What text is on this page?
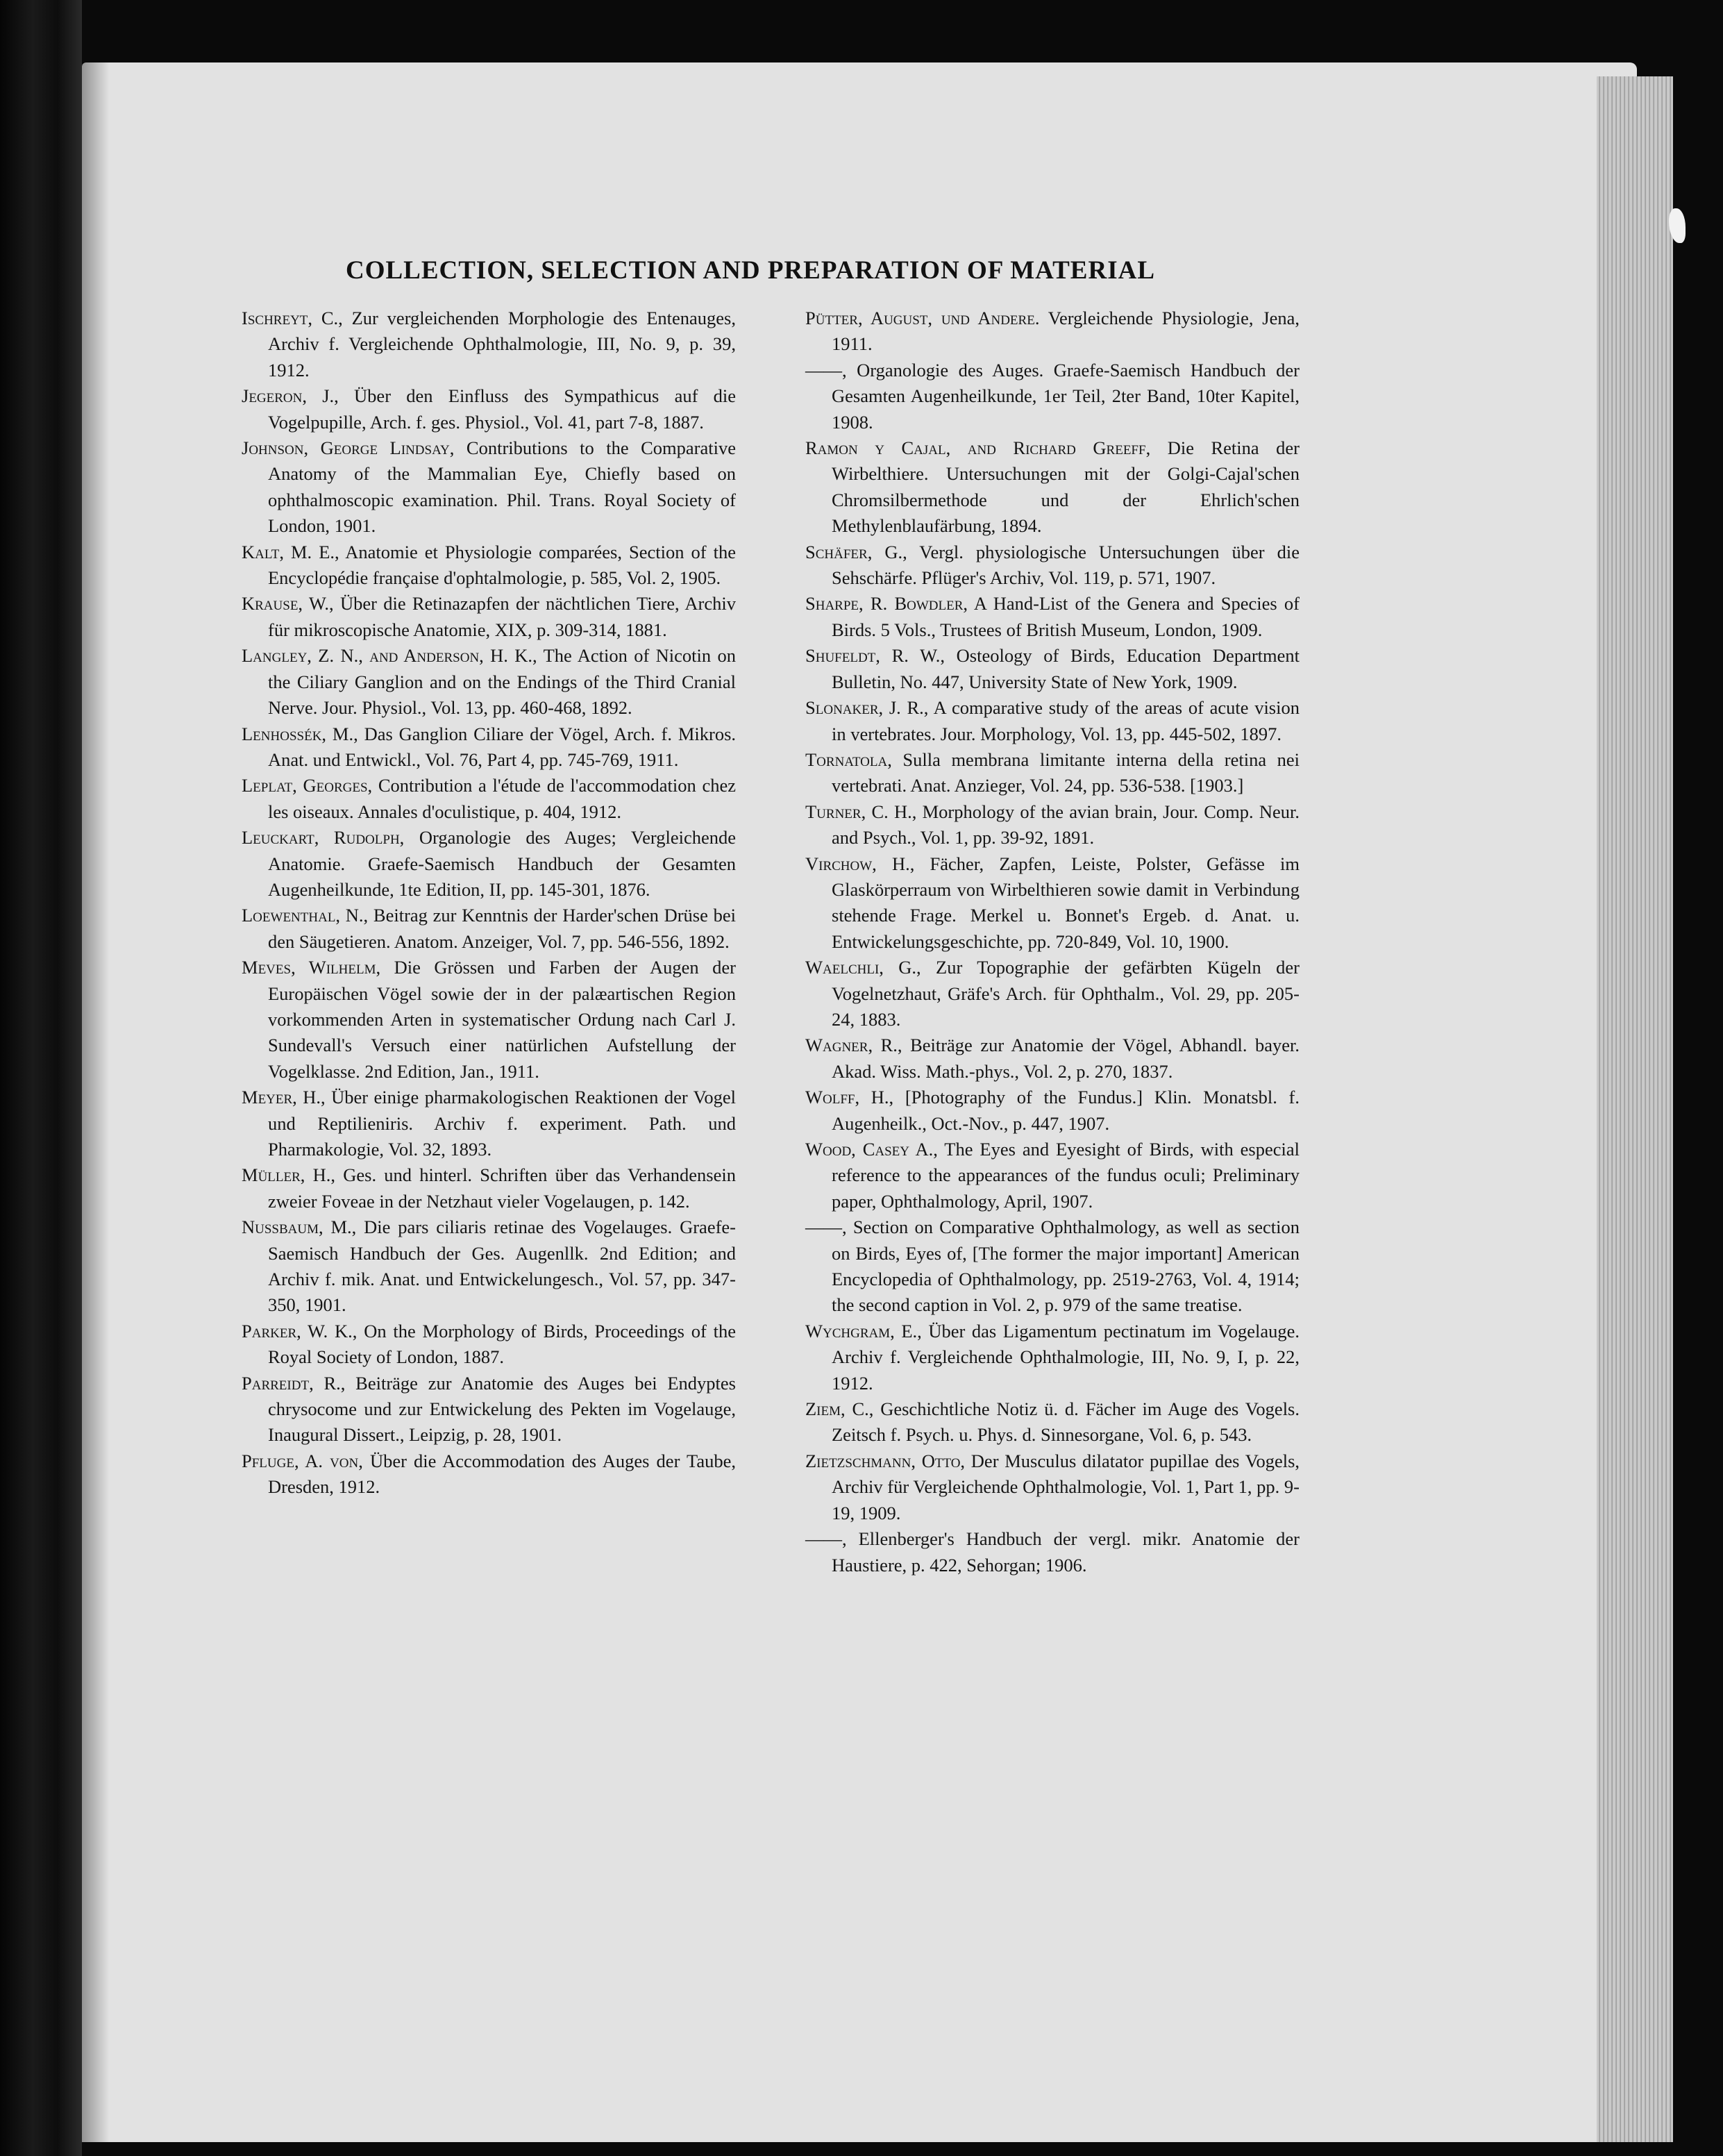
COLLECTION, SELECTION AND PREPARATION OF MATERIAL

Ischreyt, C., Zur vergleichenden Morphologie des Entenauges, Archiv f. Vergleichende Ophthalmologie, III, No. 9, p. 39, 1912.

Jegeron, J., Über den Einfluss des Sympathicus auf die Vogelpupille, Arch. f. ges. Physiol., Vol. 41, part 7-8, 1887.

Johnson, George Lindsay, Contributions to the Comparative Anatomy of the Mammalian Eye, Chiefly based on ophthalmoscopic examination. Phil. Trans. Royal Society of London, 1901.

Kalt, M. E., Anatomie et Physiologie comparées, Section of the Encyclopédie française d'ophtalmologie, p. 585, Vol. 2, 1905.

Krause, W., Über die Retinazapfen der nächtlichen Tiere, Archiv für mikroscopische Anatomie, XIX, p. 309-314, 1881.

Langley, Z. N., and Anderson, H. K., The Action of Nicotin on the Ciliary Ganglion and on the Endings of the Third Cranial Nerve. Jour. Physiol., Vol. 13, pp. 460-468, 1892.

Lenhossék, M., Das Ganglion Ciliare der Vögel, Arch. f. Mikros. Anat. und Entwickl., Vol. 76, Part 4, pp. 745-769, 1911.

Leplat, Georges, Contribution a l'étude de l'accommodation chez les oiseaux. Annales d'oculistique, p. 404, 1912.

Leuckart, Rudolph, Organologie des Auges; Vergleichende Anatomie. Graefe-Saemisch Handbuch der Gesamten Augenheilkunde, 1te Edition, II, pp. 145-301, 1876.

Loewenthal, N., Beitrag zur Kenntnis der Harder'schen Drüse bei den Säugetieren. Anatom. Anzeiger, Vol. 7, pp. 546-556, 1892.

Meves, Wilhelm, Die Grössen und Farben der Augen der Europäischen Vögel sowie der in der palæartischen Region vorkommenden Arten in systematischer Ordung nach Carl J. Sundevall's Versuch einer natürlichen Aufstellung der Vogelklasse. 2nd Edition, Jan., 1911.

Meyer, H., Über einige pharmakologischen Reaktionen der Vogel und Reptilieniris. Archiv f. experiment. Path. und Pharmakologie, Vol. 32, 1893.

Müller, H., Ges. und hinterl. Schriften über das Verhandensein zweier Foveae in der Netzhaut vieler Vogelaugen, p. 142.

Nussbaum, M., Die pars ciliaris retinae des Vogelauges. Graefe-Saemisch Handbuch der Ges. Augenllk. 2nd Edition; and Archiv f. mik. Anat. und Entwickelungesch., Vol. 57, pp. 347-350, 1901.

Parker, W. K., On the Morphology of Birds, Proceedings of the Royal Society of London, 1887.

Parreidt, R., Beiträge zur Anatomie des Auges bei Endyptes chrysocome und zur Entwickelung des Pekten im Vogelauge, Inaugural Dissert., Leipzig, p. 28, 1901.

Pfluge, A. von, Über die Accommodation des Auges der Taube, Dresden, 1912.

Pütter, August, und Andere. Vergleichende Physiologie, Jena, 1911.

——, Organologie des Auges. Graefe-Saemisch Handbuch der Gesamten Augenheilkunde, 1er Teil, 2ter Band, 10ter Kapitel, 1908.

Ramon y Cajal, and Richard Greeff, Die Retina der Wirbelthiere. Untersuchungen mit der Golgi-Cajal'schen Chromsilbermethode und der Ehrlich'schen Methylenblaufärbung, 1894.

Schäfer, G., Vergl. physiologische Untersuchungen über die Sehschärfe. Pflüger's Archiv, Vol. 119, p. 571, 1907.

Sharpe, R. Bowdler, A Hand-List of the Genera and Species of Birds. 5 Vols., Trustees of British Museum, London, 1909.

Shufeldt, R. W., Osteology of Birds, Education Department Bulletin, No. 447, University State of New York, 1909.

Slonaker, J. R., A comparative study of the areas of acute vision in vertebrates. Jour. Morphology, Vol. 13, pp. 445-502, 1897.

Tornatola, Sulla membrana limitante interna della retina nei vertebrati. Anat. Anzieger, Vol. 24, pp. 536-538. [1903.]

Turner, C. H., Morphology of the avian brain, Jour. Comp. Neur. and Psych., Vol. 1, pp. 39-92, 1891.

Virchow, H., Fächer, Zapfen, Leiste, Polster, Gefässe im Glaskörperraum von Wirbelthieren sowie damit in Verbindung stehende Frage. Merkel u. Bonnet's Ergeb. d. Anat. u. Entwickelungsgeschichte, pp. 720-849, Vol. 10, 1900.

Waelchli, G., Zur Topographie der gefärbten Kügeln der Vogelnetzhaut, Gräfe's Arch. für Ophthalm., Vol. 29, pp. 205-24, 1883.

Wagner, R., Beiträge zur Anatomie der Vögel, Abhandl. bayer. Akad. Wiss. Math.-phys., Vol. 2, p. 270, 1837.

Wolff, H., [Photography of the Fundus.] Klin. Monatsbl. f. Augenheilk., Oct.-Nov., p. 447, 1907.

Wood, Casey A., The Eyes and Eyesight of Birds, with especial reference to the appearances of the fundus oculi; Preliminary paper, Ophthalmology, April, 1907.

——, Section on Comparative Ophthalmology, as well as section on Birds, Eyes of, [The former the major important] American Encyclopedia of Ophthalmology, pp. 2519-2763, Vol. 4, 1914; the second caption in Vol. 2, p. 979 of the same treatise.

Wychgram, E., Über das Ligamentum pectinatum im Vogelauge. Archiv f. Vergleichende Ophthalmologie, III, No. 9, I, p. 22, 1912.

Ziem, C., Geschichtliche Notiz ü. d. Fächer im Auge des Vogels. Zeitsch f. Psych. u. Phys. d. Sinnesorgane, Vol. 6, p. 543.

Zietzschmann, Otto, Der Musculus dilatator pupillae des Vogels, Archiv für Vergleichende Ophthalmologie, Vol. 1, Part 1, pp. 9-19, 1909.

——, Ellenberger's Handbuch der vergl. mikr. Anatomie der Haustiere, p. 422, Sehorgan; 1906.
